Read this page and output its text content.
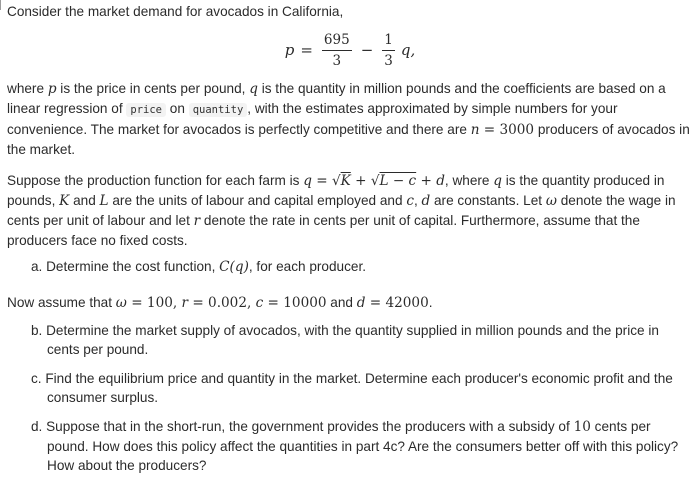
Consider the market demand for avocados in California,

$p = \frac{695}{3} - \frac{1}{3} q$,

where p is the price in cents per pound, q is the quantity in million pounds and the coefficients are based on a linear regression of price on quantity , with the estimates approximated by simple numbers for your convenience. The market for avocados is perfectly competitive and there are n = 3000 producers of avocados in the market.

Suppose the production function for each farm is q = √K + √L − c + d, where q is the quantity produced in pounds, K and L are the units of labour and capital employed and c, d are constants. Let ω denote the wage in cents per unit of labour and let r denote the rate in cents per unit of capital. Furthermore, assume that the producers face no fixed costs.

a. Determine the cost function, C(q), for each producer.

Now assume that ω = 100, r = 0.002, c = 10000 and d = 42000.

b. Determine the market supply of avocados, with the quantity supplied in million pounds and the price in cents per pound.

c. Find the equilibrium price and quantity in the market. Determine each producer's economic profit and the consumer surplus.

d. Suppose that in the short-run, the government provides the producers with a subsidy of 10 cents per pound. How does this policy affect the quantities in part 4c? Are the consumers better off with this policy? How about the producers?
